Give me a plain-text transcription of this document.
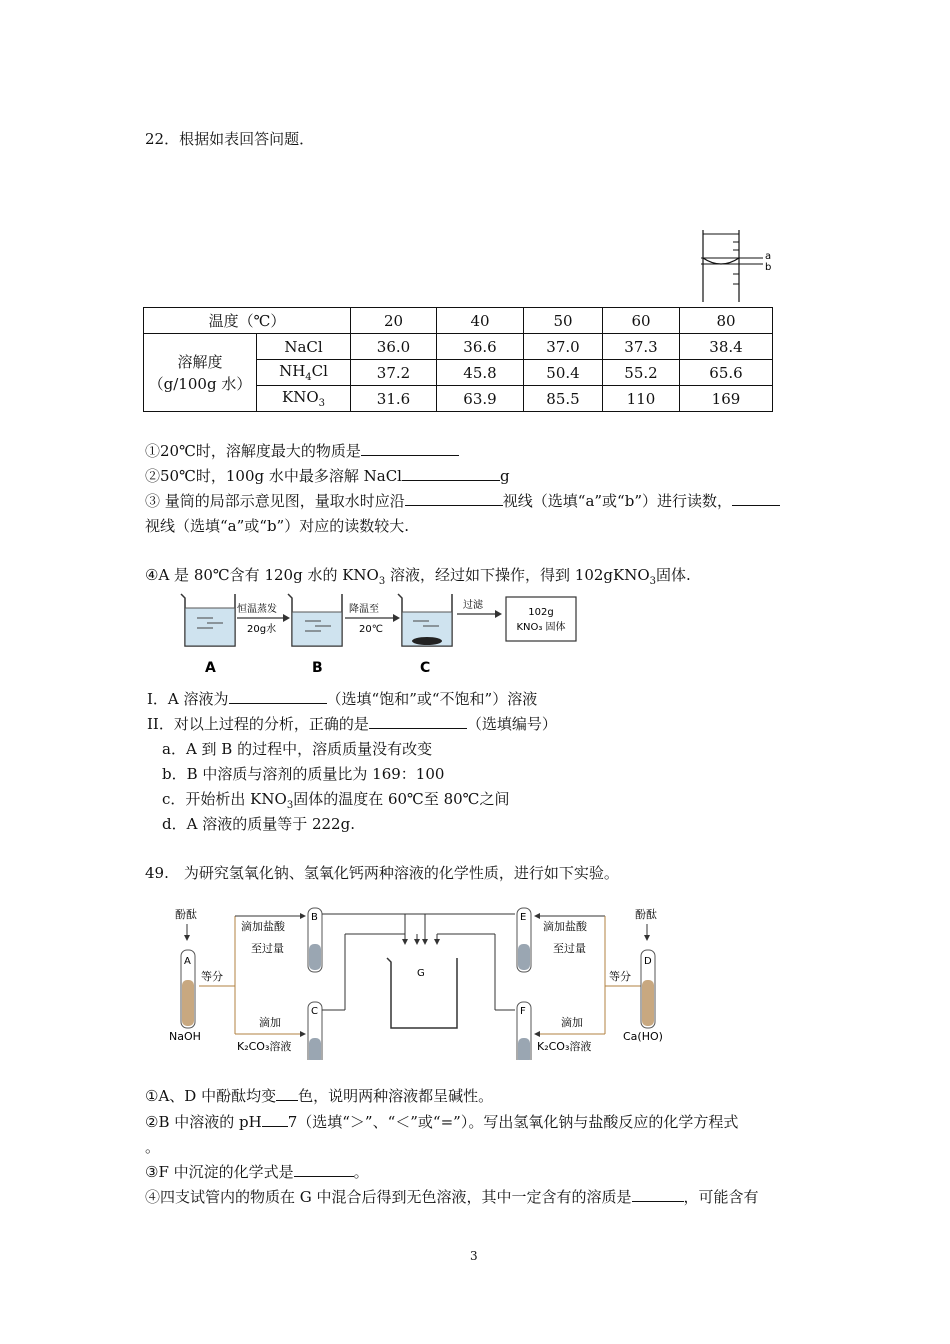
22．根据如表回答问题．
a
b
温度（℃）		20	40	50	60	80

溶解度
（g/100g 水）	NaCl	36.0	36.6	37.0	37.3	38.4
	$NH_4Cl$	37.2	45.8	50.4	55.2	65.6
	$KNO_3$	31.6	63.9	85.5	110	169
①20℃时，溶解度最大的物质是
②50℃时，100g 水中最多溶解 NaCl	g
③ 量筒的局部示意见图，量取水时应沿	视线（选填“a”或“b”）进行读数，
视线（选填“a”或“b”）对应的读数较大.
④A 是 80℃含有 120g 水的 $KNO_3$ 溶液，经过如下操作，得到 102gKNO$_3$固体.
恒温蒸发
20g水
降温至
20℃
过滤
102g
KNO₃ 固体
A	B	C
I．A 溶液为	（选填“饱和”或“不饱和”）溶液
II．对以上过程的分析，正确的是	（选填编号）
a．A 到 B 的过程中，溶质质量没有改变
b．B 中溶质与溶剂的质量比为 169：100
c．开始析出 $KNO_3$固体的温度在 60℃至 80℃之间
d．A 溶液的质量等于 222g.
49.　为研究氢氧化钠、氢氧化钙两种溶液的化学性质，进行如下实验。
酚酞
A
NaOH
等分
滴加盐酸
至过量
滴加
K₂CO₃溶液
B
C
G
E
F
滴加盐酸
至过量
滴加
K₂CO₃溶液
等分
酚酞
D
Ca(HO)
①A、D 中酚酞均变 色，说明两种溶液都呈碱性。
②B 中溶液的 pH 7（选填“＞”、“＜”或“=”）。写出氢氧化钠与盐酸反应的化学方程式
。
③F 中沉淀的化学式是	。
④四支试管内的物质在 G 中混合后得到无色溶液，其中一定含有的溶质是	，可能含有
3
